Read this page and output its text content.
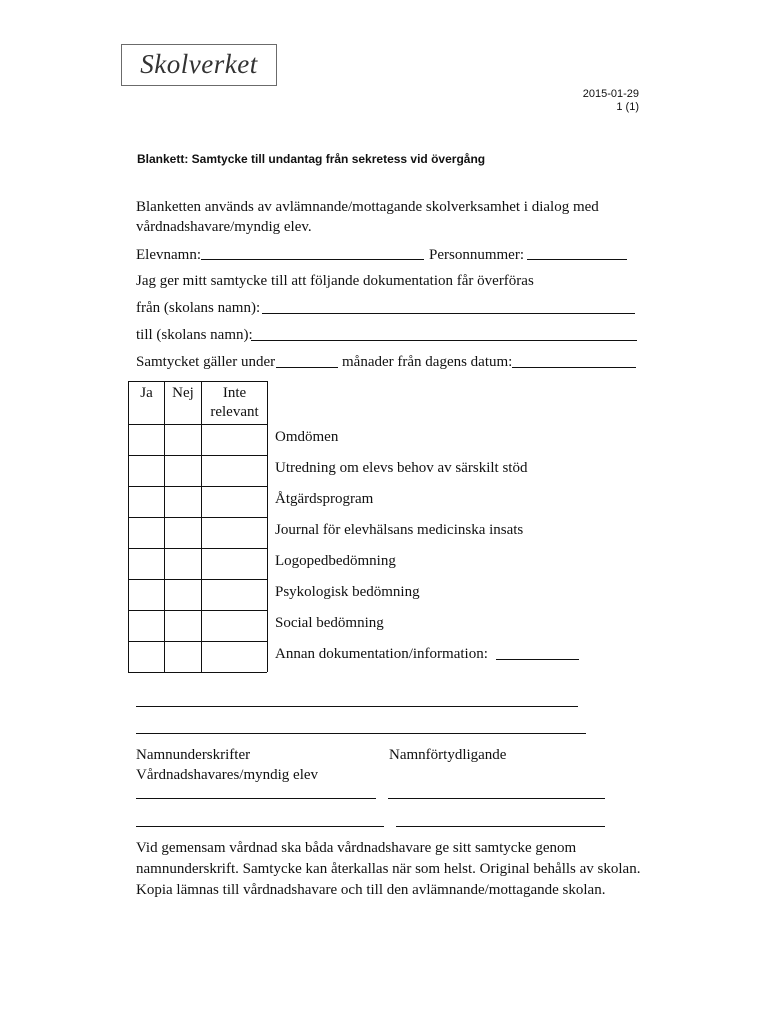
Skolverket
2015-01-29
1 (1)
Blankett: Samtycke till undantag från sekretess vid övergång
Blanketten används av avlämnande/mottagande skolverksamhet i dialog med
vårdnadshavare/myndig elev.
Elevnamn:	Personnummer:
Jag ger mitt samtycke till att följande dokumentation får överföras
från (skolans namn):
till (skolans namn):
Samtycket gäller under	månader från dagens datum:
Ja	Nej	Inte
relevant
Omdömen
Utredning om elevs behov av särskilt stöd
Åtgärdsprogram
Journal för elevhälsans medicinska insats
Logopedbedömning
Psykologisk bedömning
Social bedömning
Annan dokumentation/information:
Namnunderskrifter	Namnförtydligande
Vårdnadshavares/myndig elev
Vid gemensam vårdnad ska båda vårdnadshavare ge sitt samtycke genom
namnunderskrift. Samtycke kan återkallas när som helst. Original behålls av skolan.
Kopia lämnas till vårdnadshavare och till den avlämnande/mottagande skolan.
